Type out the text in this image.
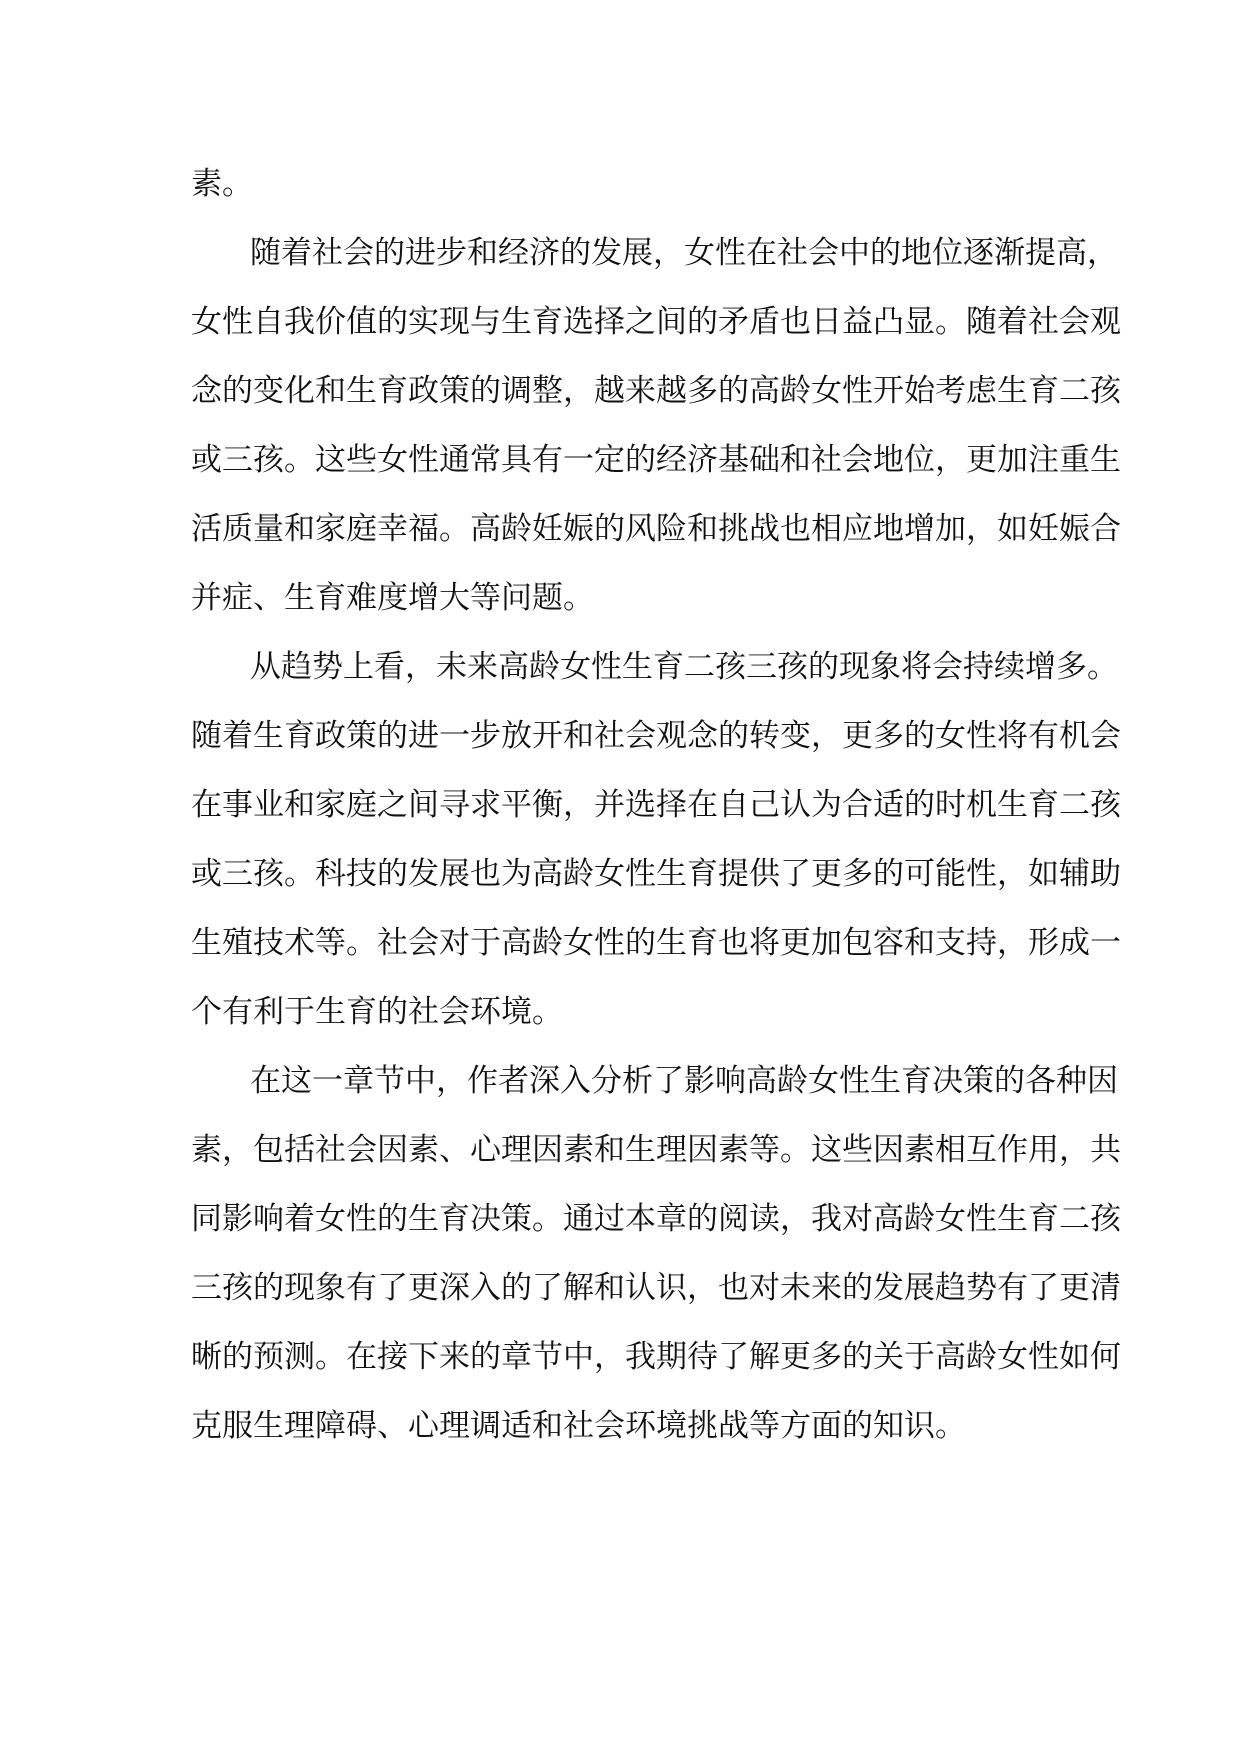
素。
随着社会的进步和经济的发展，女性在社会中的地位逐渐提高，
女性自我价值的实现与生育选择之间的矛盾也日益凸显。随着社会观
念的变化和生育政策的调整，越来越多的高龄女性开始考虑生育二孩
或三孩。这些女性通常具有一定的经济基础和社会地位，更加注重生
活质量和家庭幸福。高龄妊娠的风险和挑战也相应地增加，如妊娠合
并症、生育难度增大等问题。
从趋势上看，未来高龄女性生育二孩三孩的现象将会持续增多。
随着生育政策的进一步放开和社会观念的转变，更多的女性将有机会
在事业和家庭之间寻求平衡，并选择在自己认为合适的时机生育二孩
或三孩。科技的发展也为高龄女性生育提供了更多的可能性，如辅助
生殖技术等。社会对于高龄女性的生育也将更加包容和支持，形成一
个有利于生育的社会环境。
在这一章节中，作者深入分析了影响高龄女性生育决策的各种因
素，包括社会因素、心理因素和生理因素等。这些因素相互作用，共
同影响着女性的生育决策。通过本章的阅读，我对高龄女性生育二孩
三孩的现象有了更深入的了解和认识，也对未来的发展趋势有了更清
晰的预测。在接下来的章节中，我期待了解更多的关于高龄女性如何
克服生理障碍、心理调适和社会环境挑战等方面的知识。
